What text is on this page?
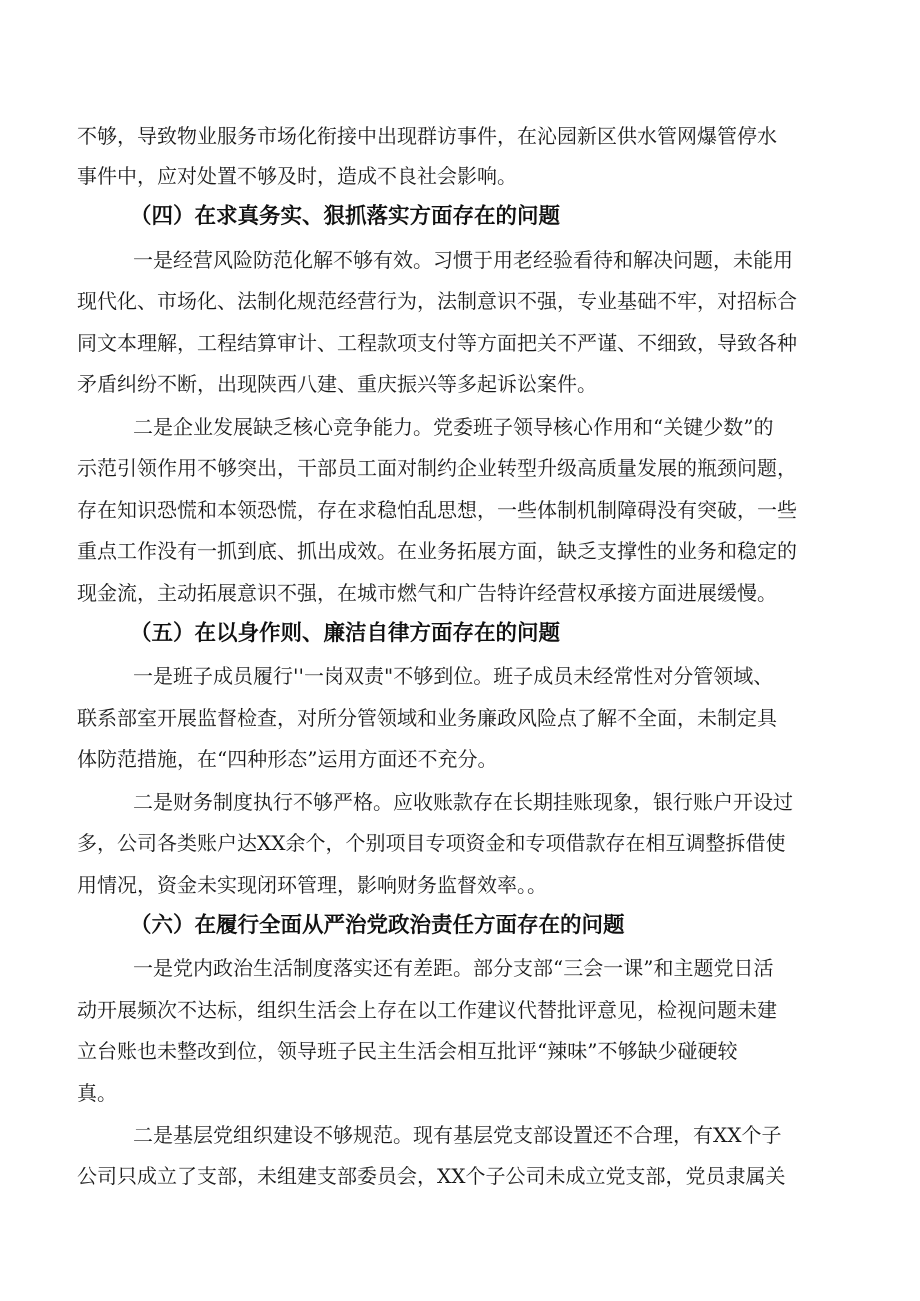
不够，导致物业服务市场化衔接中出现群访事件，在沁园新区供水管网爆管停水
事件中，应对处置不够及时，造成不良社会影响。
（四）在求真务实、狠抓落实方面存在的问题
一是经营风险防范化解不够有效。习惯于用老经验看待和解决问题，未能用
现代化、市场化、法制化规范经营行为，法制意识不强，专业基础不牢，对招标合
同文本理解，工程结算审计、工程款项支付等方面把关不严谨、不细致，导致各种
矛盾纠纷不断，出现陕西八建、重庆振兴等多起诉讼案件。
二是企业发展缺乏核心竞争能力。党委班子领导核心作用和“关键少数”的
示范引领作用不够突出，干部员工面对制约企业转型升级高质量发展的瓶颈问题，
存在知识恐慌和本领恐慌，存在求稳怕乱思想，一些体制机制障碍没有突破，一些
重点工作没有一抓到底、抓出成效。在业务拓展方面，缺乏支撑性的业务和稳定的
现金流，主动拓展意识不强，在城市燃气和广告特许经营权承接方面进展缓慢。
（五）在以身作则、廉洁自律方面存在的问题
一是班子成员履行''一岗双责"不够到位。班子成员未经常性对分管领域、
联系部室开展监督检查，对所分管领域和业务廉政风险点了解不全面，未制定具
体防范措施，在“四种形态”运用方面还不充分。
二是财务制度执行不够严格。应收账款存在长期挂账现象，银行账户开设过
多，公司各类账户达XX余个，个别项目专项资金和专项借款存在相互调整拆借使
用情况，资金未实现闭环管理，影响财务监督效率。。
（六）在履行全面从严治党政治责任方面存在的问题
一是党内政治生活制度落实还有差距。部分支部“三会一课”和主题党日活
动开展频次不达标，组织生活会上存在以工作建议代替批评意见，检视问题未建
立台账也未整改到位，领导班子民主生活会相互批评“辣味”不够缺少碰硬较
真。
二是基层党组织建设不够规范。现有基层党支部设置还不合理，有XX个子
公司只成立了支部，未组建支部委员会，XX个子公司未成立党支部，党员隶属关
